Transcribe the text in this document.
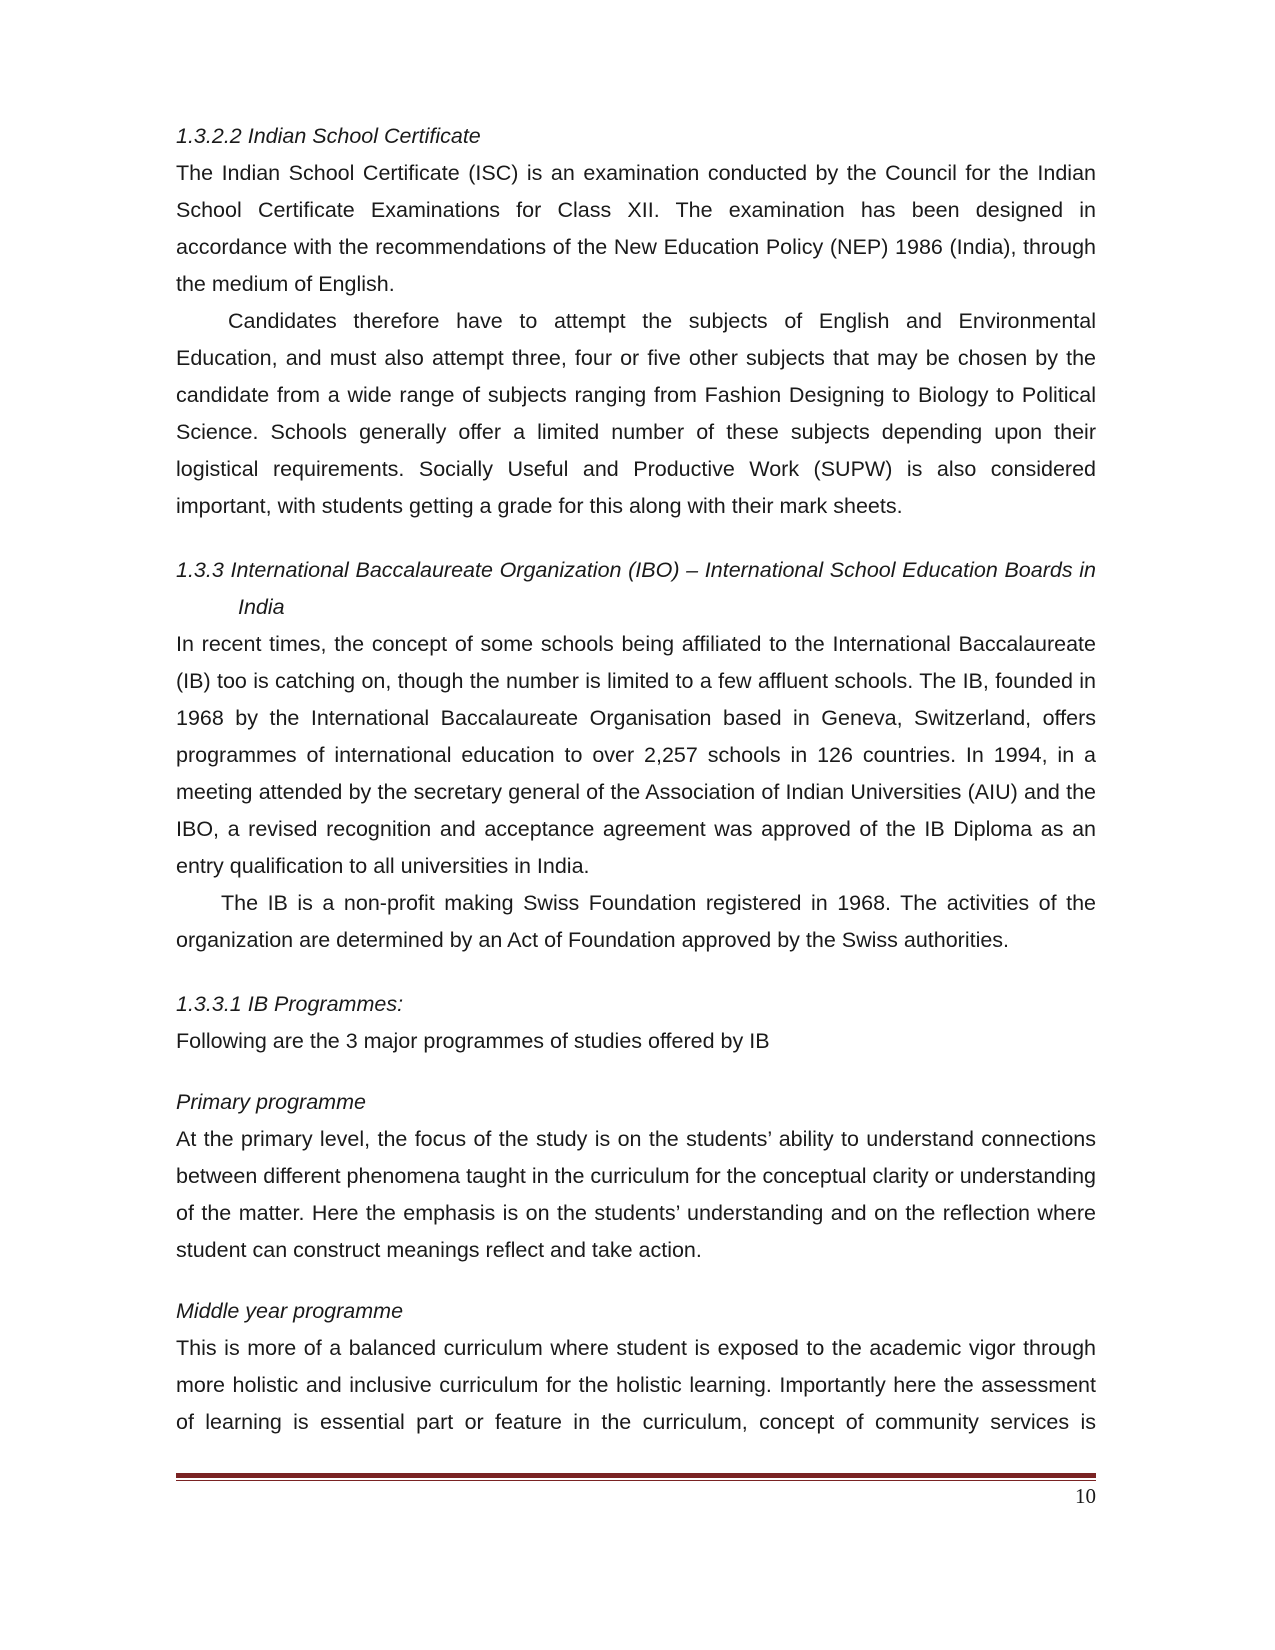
1.3.2.2 Indian School Certificate

The Indian School Certificate (ISC) is an examination conducted by the Council for the Indian School Certificate Examinations for Class XII. The examination has been designed in accordance with the recommendations of the New Education Policy (NEP) 1986 (India), through the medium of English.

Candidates therefore have to attempt the subjects of English and Environmental Education, and must also attempt three, four or five other subjects that may be chosen by the candidate from a wide range of subjects ranging from Fashion Designing to Biology to Political Science. Schools generally offer a limited number of these subjects depending upon their logistical requirements. Socially Useful and Productive Work (SUPW) is also considered important, with students getting a grade for this along with their mark sheets.

1.3.3 International Baccalaureate Organization (IBO) – International School Education Boards in India

In recent times, the concept of some schools being affiliated to the International Baccalaureate (IB) too is catching on, though the number is limited to a few affluent schools. The IB, founded in 1968 by the International Baccalaureate Organisation based in Geneva, Switzerland, offers programmes of international education to over 2,257 schools in 126 countries. In 1994, in a meeting attended by the secretary general of the Association of Indian Universities (AIU) and the IBO, a revised recognition and acceptance agreement was approved of the IB Diploma as an entry qualification to all universities in India.

The IB is a non-profit making Swiss Foundation registered in 1968. The activities of the organization are determined by an Act of Foundation approved by the Swiss authorities.

1.3.3.1 IB Programmes:

Following are the 3 major programmes of studies offered by IB

Primary programme

At the primary level, the focus of the study is on the students’ ability to understand connections between different phenomena taught in the curriculum for the conceptual clarity or understanding of the matter. Here the emphasis is on the students’ understanding and on the reflection where student can construct meanings reflect and take action.

Middle year programme

This is more of a balanced curriculum where student is exposed to the academic vigor through more holistic and inclusive curriculum for the holistic learning. Importantly here the assessment of learning is essential part or feature in the curriculum, concept of community services is

10
